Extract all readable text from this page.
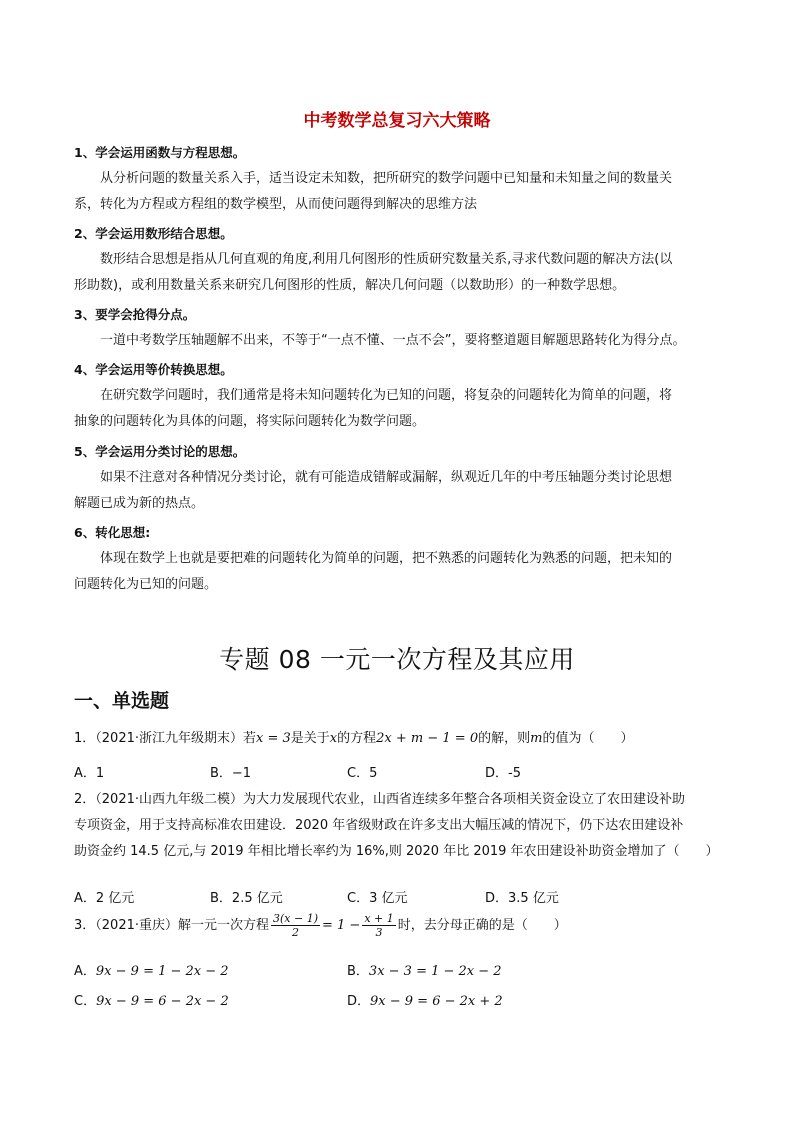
中考数学总复习六大策略
1、学会运用函数与方程思想。
从分析问题的数量关系入手，适当设定未知数，把所研究的数学问题中已知量和未知量之间的数量关
系，转化为方程或方程组的数学模型，从而使问题得到解决的思维方法
2、学会运用数形结合思想。
数形结合思想是指从几何直观的角度,利用几何图形的性质研究数量关系,寻求代数问题的解决方法(以
形助数)，或利用数量关系来研究几何图形的性质，解决几何问题（以数助形）的一种数学思想。
3、要学会抢得分点。
一道中考数学压轴题解不出来，不等于“一点不懂、一点不会”，要将整道题目解题思路转化为得分点。
4、学会运用等价转换思想。
在研究数学问题时，我们通常是将未知问题转化为已知的问题，将复杂的问题转化为简单的问题，将
抽象的问题转化为具体的问题，将实际问题转化为数学问题。
5、学会运用分类讨论的思想。
如果不注意对各种情况分类讨论，就有可能造成错解或漏解，纵观近几年的中考压轴题分类讨论思想
解题已成为新的热点。
6、转化思想:
体现在数学上也就是要把难的问题转化为简单的问题，把不熟悉的问题转化为熟悉的问题，把未知的
问题转化为已知的问题。
专题 08 一元一次方程及其应用
一、单选题
1．（2021·浙江九年级期末）若x = 3是关于x的方程2x + m − 1 = 0的解，则m的值为（　　）
A．1	B．−1	C．5	D．-5
2．（2021·山西九年级二模）为大力发展现代农业，山西省连续多年整合各项相关资金设立了农田建设补助
专项资金，用于支持高标准农田建设．2020 年省级财政在许多支出大幅压减的情况下，仍下达农田建设补
助资金约 14.5 亿元,与 2019 年相比增长率约为 16%,则 2020 年比 2019 年农田建设补助资金增加了（　　）
A．2 亿元	B．2.5 亿元	C．3 亿元	D．3.5 亿元
3．（2021·重庆）解一元一次方程 $\frac{3(x - 1)}{2} = 1 - \frac{x + 1}{3}$ 时，去分母正确的是（　　）
A．9x − 9 = 1 − 2x − 2	B．3x − 3 = 1 − 2x − 2
C．9x − 9 = 6 − 2x − 2	D．9x − 9 = 6 − 2x + 2
